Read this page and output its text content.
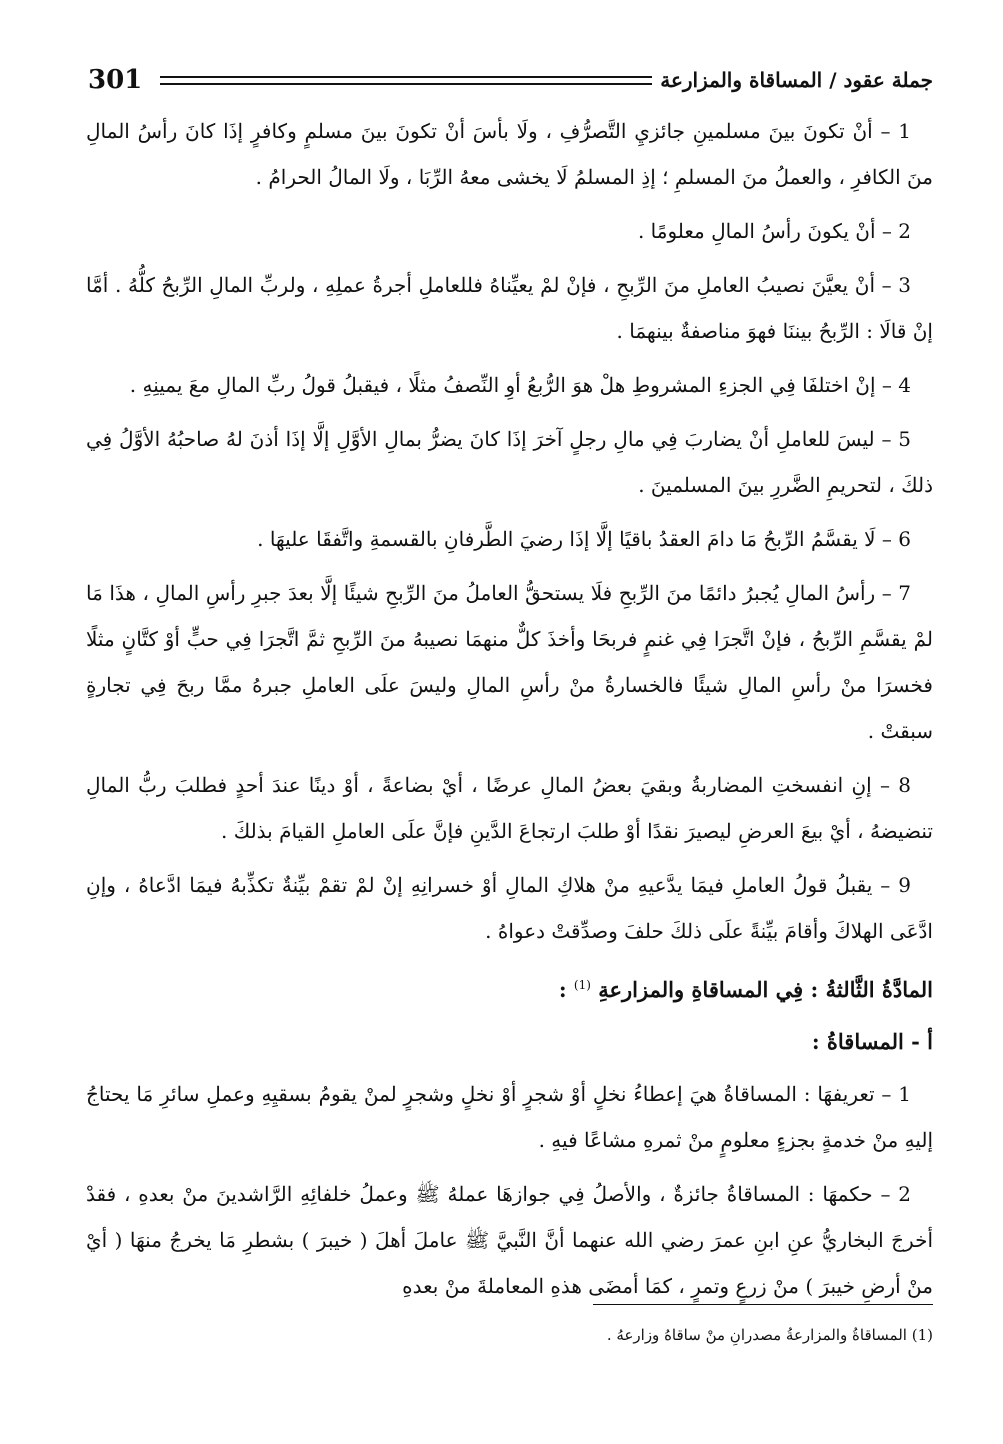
301	جملة عقود / المساقاة والمزارعة

1 – أنْ تكونَ بينَ مسلمينِ جائزيِ التَّصرُّفِ ، ولَا بأسَ أنْ تكونَ بينَ مسلمٍ وكافرٍ إذَا كانَ رأسُ المالِ منَ الكافرِ ، والعملُ منَ المسلمِ ؛ إذِ المسلمُ لَا يخشى معهُ الرِّبَا ، ولَا المالُ الحرامُ .

2 – أنْ يكونَ رأسُ المالِ معلومًا .

3 – أنْ يعيَّنَ نصيبُ العاملِ منَ الرِّبحِ ، فإنْ لمْ يعيِّناهُ فللعاملِ أجرةُ عملِهِ ، ولربِّ المالِ الرِّبحُ كلُّهُ . أمَّا إنْ قالَا : الرِّبحُ بيننَا فهوَ مناصفةٌ بينهمَا .

4 – إنْ اختلفَا فِي الجزءِ المشروطِ هلْ هوَ الرُّبعُ أوِ النِّصفُ مثلًا ، فيقبلُ قولُ ربِّ المالِ معَ يمينِهِ .

5 – ليسَ للعاملِ أنْ يضاربَ فِي مالِ رجلٍ آخرَ إذَا كانَ يضرُّ بمالِ الأوَّلِ إلَّا إذَا أذنَ لهُ صاحبُهُ الأوَّلُ فِي ذلكَ ، لتحريمِ الضَّررِ بينَ المسلمينَ .

6 – لَا يقسَّمُ الرِّبحُ مَا دامَ العقدُ باقيًا إلَّا إذَا رضيَ الطَّرفانِ بالقسمةِ واتَّفقَا عليهَا .

7 – رأسُ المالِ يُجبرُ دائمًا منَ الرِّبحِ فلَا يستحقُّ العاملُ منَ الرِّبحِ شيئًا إلَّا بعدَ جبرِ رأسِ المالِ ، هذَا مَا لمْ يقسَّمِ الرِّبحُ ، فإنْ اتَّجرَا فِي غنمٍ فربحَا وأخذَ كلٌّ منهمَا نصيبهُ منَ الرِّبحِ ثمَّ اتَّجرَا فِي حبٍّ أوْ كتَّانٍ مثلًا فخسرَا منْ رأسِ المالِ شيئًا فالخسارةُ منْ رأسِ المالِ وليسَ علَى العاملِ جبرهُ ممَّا ربحَ فِي تجارةٍ سبقتْ .

8 – إنِ انفسختِ المضاربةُ وبقيَ بعضُ المالِ عرضًا ، أيْ بضاعةً ، أوْ دينًا عندَ أحدٍ فطلبَ ربُّ المالِ تنضيضهُ ، أيْ بيعَ العرضِ ليصيرَ نقدًا أوْ طلبَ ارتجاعَ الدَّينِ فإنَّ علَى العاملِ القيامَ بذلكَ .

9 – يقبلُ قولُ العاملِ فيمَا يدَّعيهِ منْ هلاكِ المالِ أوْ خسرانِهِ إنْ لمْ تقمْ بيِّنةٌ تكذِّبهُ فيمَا ادَّعاهُ ، وإنِ ادَّعَى الهلاكَ وأقامَ بيِّنةً علَى ذلكَ حلفَ وصدِّقتْ دعواهُ .

المادَّةُ الثَّالثةُ : فِي المساقاةِ والمزارعةِ $^{(1)}$ :

أ - المساقاةُ :

1 – تعريفهَا : المساقاةُ هيَ إعطاءُ نخلٍ أوْ شجرٍ أوْ نخلٍ وشجرٍ لمنْ يقومُ بسقيِهِ وعملِ سائرِ مَا يحتاجُ إليهِ منْ خدمةٍ بجزءٍ معلومٍ منْ ثمرهِ مشاعًا فيهِ .

2 – حكمهَا : المساقاةُ جائزةٌ ، والأصلُ فِي جوازهَا عملهُ ﷺ وعملُ خلفائِهِ الرَّاشدينَ منْ بعدهِ ، فقدْ أخرجَ البخاريُّ عنِ ابنِ عمرَ رضي الله عنهما أنَّ النَّبيَّ ﷺ عاملَ أهلَ ( خيبرَ ) بشطرِ مَا يخرجُ منهَا ( أيْ منْ أرضِ خيبرَ ) منْ زرعٍ وتمرٍ ، كمَا أمضَى هذهِ المعاملةَ منْ بعدهِ

(1) المساقاةُ والمزارعةُ مصدرانِ منْ ساقاهُ وزارعهُ .
